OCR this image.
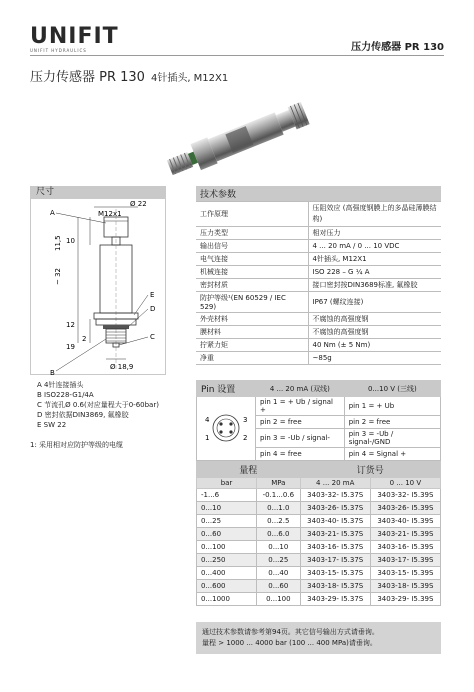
UNIFIT
UNIFIT HYDRAULICS	压力传感器 PR 130
压力传感器 PR 130 4针插头, M12X1
尺寸
Ø 22
M12x1
11,5 10
~ 32
12
19
2
Ø 18,9
A
E
D
C
B
A 4针连接插头
B ISO228-G1/4A
C 节流孔Ø 0.6(对应量程大于0-60bar)
D 密封依据DIN3869, 氟橡胶
E SW 22
1: 采用相对应防护等级的电缆
技术参数	
工作原理	压阻效应 (高强度钢膜上的多晶硅薄膜结构)
压力类型	相对压力
输出信号	4 ... 20 mA / 0 ... 10 VDC
电气连接	4针插头, M12X1
机械连接	ISO 228 – G ¼ A
密封材质	接口密封按DIN3689标准, 氟橡胶
防护等级¹(EN 60529 / IEC 529)	IP67 (螺纹连接)
外壳材料	不腐蚀的高强度钢
膜材料	不腐蚀的高强度钢
拧紧力矩	40 Nm (± 5 Nm)
净重	~85g
Pin 设置	4 ... 20 mA (双线)	0...10 V (三线)

4 3
1 2	pin 1 = + Ub / signal +	pin 1 = + Ub
	pin 2 = free	pin 2 = free
	pin 3 = -Ub / signal-	pin 3 = -Ub / signal-/GND
	pin 4 = free	pin 4 = Signal +
量程		订货号	
bar	MPa	4 ... 20 mA	0 ... 10 V
-1...6	-0.1...0.6	3403-32- I5.37S	3403-32- I5.39S
0...10	0...1.0	3403-26- I5.37S	3403-26- I5.39S
0...25	0...2.5	3403-40- I5.37S	3403-40- I5.39S
0...60	0...6.0	3403-21- I5.37S	3403-21- I5.39S
0...100	0...10	3403-16- I5.37S	3403-16- I5.39S
0...250	0...25	3403-17- I5.37S	3403-17- I5.39S
0...400	0...40	3403-15- I5.37S	3403-15- I5.39S
0...600	0...60	3403-18- I5.37S	3403-18- I5.39S
0...1000	0...100	3403-29- I5.37S	3403-29- I5.39S
通过技术参数请参考第94页。其它信号输出方式请垂询。
量程 > 1000 ... 4000 bar (100 ... 400 MPa)请垂询。
